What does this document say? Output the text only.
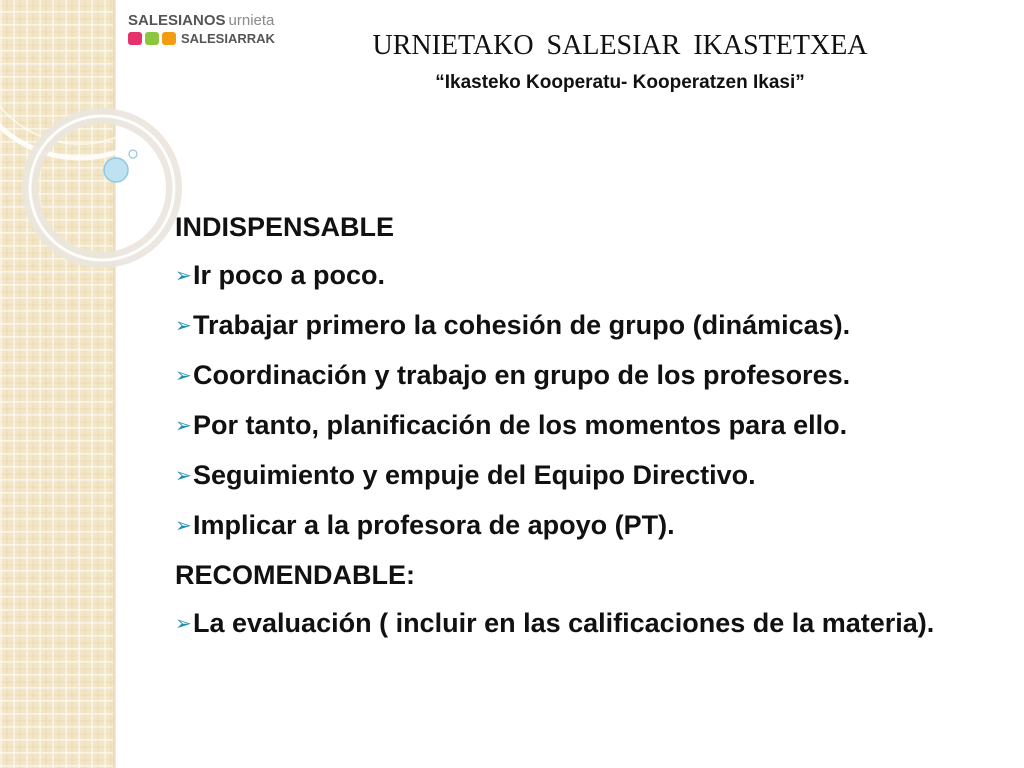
SALESIANOS urnieta
SALESIARRAK	URNIETAKO SALESIAR IKASTETXEA

“Ikasteko Kooperatu- Kooperatzen Ikasi”

INDISPENSABLE

➢Ir poco a poco.

➢Trabajar primero la cohesión de grupo (dinámicas).

➢Coordinación y trabajo en grupo de los profesores.

➢Por tanto, planificación de los momentos para ello.

➢Seguimiento y empuje del Equipo Directivo.

➢Implicar a la profesora de apoyo (PT).

RECOMENDABLE:

➢La evaluación ( incluir en las calificaciones de la materia).
